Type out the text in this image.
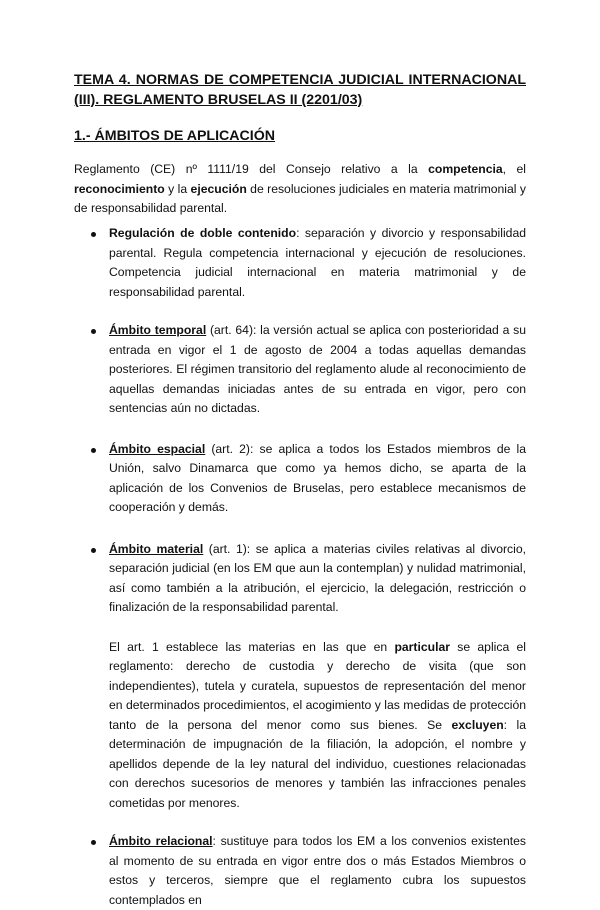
TEMA 4. NORMAS DE COMPETENCIA JUDICIAL INTERNACIONAL (III). REGLAMENTO BRUSELAS II (2201/03)
1.- ÁMBITOS DE APLICACIÓN
Reglamento (CE) nº 1111/19 del Consejo relativo a la competencia, el reconocimiento y la ejecución de resoluciones judiciales en materia matrimonial y de responsabilidad parental.
Regulación de doble contenido: separación y divorcio y responsabilidad parental. Regula competencia internacional y ejecución de resoluciones. Competencia judicial internacional en materia matrimonial y de responsabilidad parental.
Ámbito temporal (art. 64): la versión actual se aplica con posterioridad a su entrada en vigor el 1 de agosto de 2004 a todas aquellas demandas posteriores. El régimen transitorio del reglamento alude al reconocimiento de aquellas demandas iniciadas antes de su entrada en vigor, pero con sentencias aún no dictadas.
Ámbito espacial (art. 2): se aplica a todos los Estados miembros de la Unión, salvo Dinamarca que como ya hemos dicho, se aparta de la aplicación de los Convenios de Bruselas, pero establece mecanismos de cooperación y demás.
Ámbito material (art. 1): se aplica a materias civiles relativas al divorcio, separación judicial (en los EM que aun la contemplan) y nulidad matrimonial, así como también a la atribución, el ejercicio, la delegación, restricción o finalización de la responsabilidad parental.
El art. 1 establece las materias en las que en particular se aplica el reglamento: derecho de custodia y derecho de visita (que son independientes), tutela y curatela, supuestos de representación del menor en determinados procedimientos, el acogimiento y las medidas de protección tanto de la persona del menor como sus bienes. Se excluyen: la determinación de impugnación de la filiación, la adopción, el nombre y apellidos depende de la ley natural del individuo, cuestiones relacionadas con derechos sucesorios de menores y también las infracciones penales cometidas por menores.
Ámbito relacional: sustituye para todos los EM a los convenios existentes al momento de su entrada en vigor entre dos o más Estados Miembros o estos y terceros, siempre que el reglamento cubra los supuestos contemplados en
